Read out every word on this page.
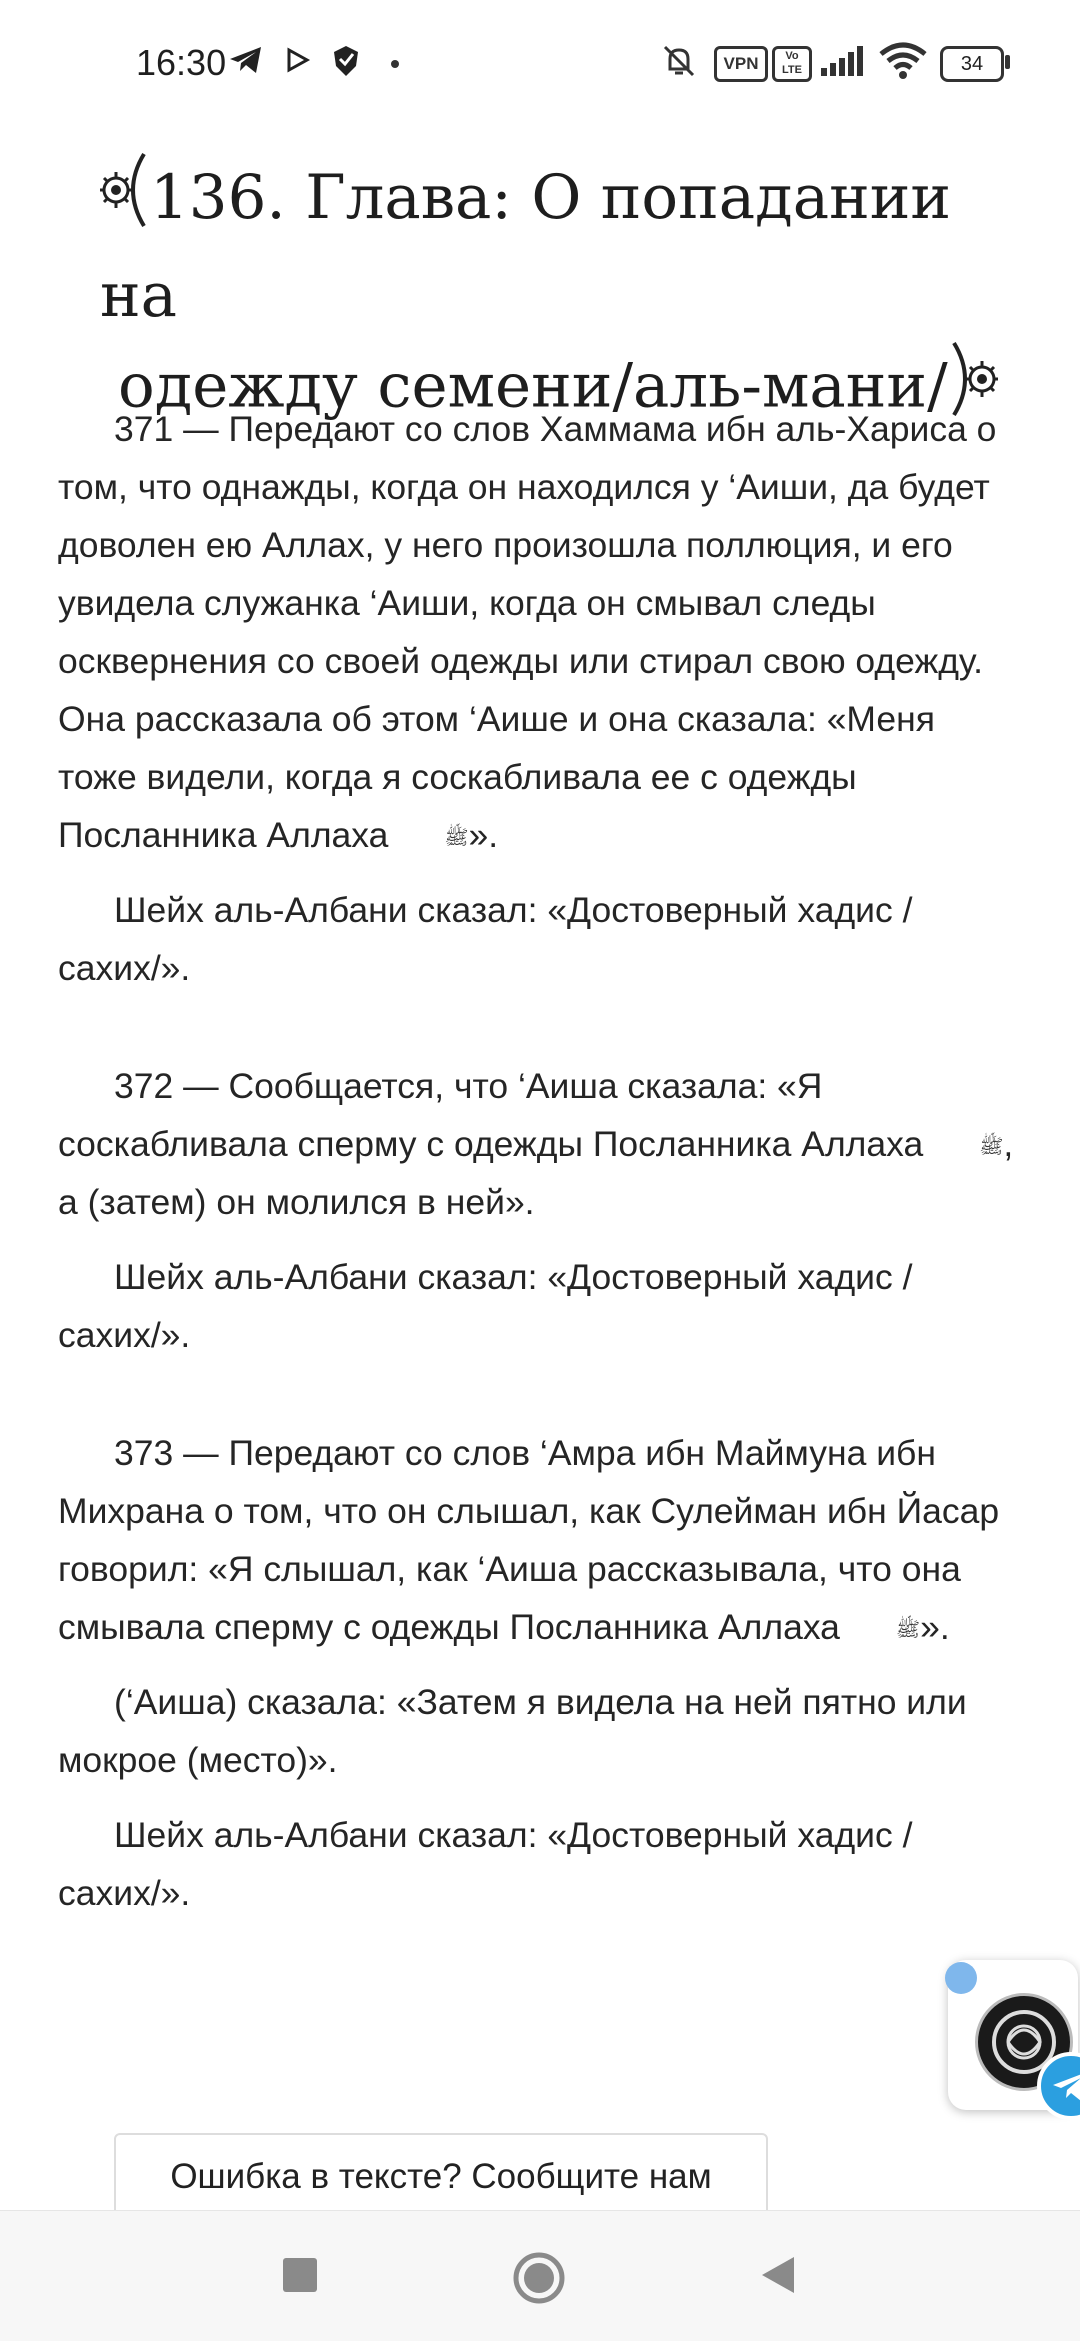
16:30	VPN	Vo LTE	34
136. Глава: О попадании на
одежду семени/аль-мани/

371 — Передают со слов Хаммама ибн аль-Хариса о том, что однажды, когда он находился у ‘Аиши, да будет доволен ею Аллах, у него произошла поллюция, и его увидела служанка ‘Аиши, когда он смывал следы осквернения со своей одежды или стирал свою одежду. Она рассказала об этом ‘Аише и она сказала: «Меня тоже видели, когда я соскабливала ее с одежды Посланника Аллаха	ﷺ».

Шейх аль-Албани сказал: «Достоверный хадис /сахих/».

372 — Сообщается, что ‘Аиша сказала: «Я соскабливала сперму с одежды Посланника Аллаха	ﷺ, а (затем) он молился в ней».

Шейх аль-Албани сказал: «Достоверный хадис /сахих/».

373 — Передают со слов ‘Амра ибн Маймуна ибн Михрана о том, что он слышал, как Сулейман ибн Йасар говорил: «Я слышал, как ‘Аиша рассказывала, что она смывала сперму с одежды Посланника Аллаха	ﷺ».

(‘Аиша) сказала: «Затем я видела на ней пятно или мокрое (место)».

Шейх аль-Албани сказал: «Достоверный хадис /сахих/».

Ошибка в тексте? Сообщите нам
